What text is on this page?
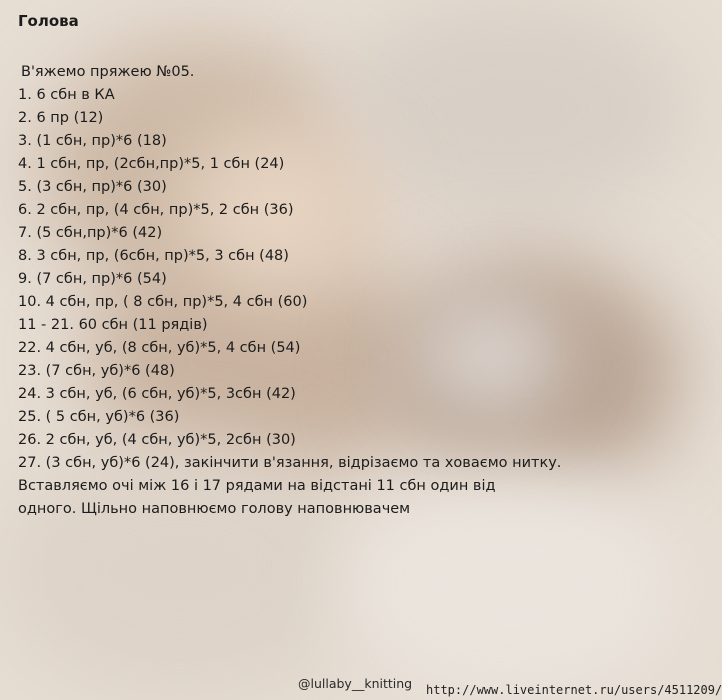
Голова
В'яжемо пряжею №05.
1. 6 сбн в КА
2. 6 пр (12)
3. (1 сбн, пр)*6 (18)
4. 1 сбн, пр, (2сбн,пр)*5, 1 сбн (24)
5. (3 сбн, пр)*6 (30)
6. 2 сбн, пр, (4 сбн, пр)*5, 2 сбн (36)
7. (5 сбн,пр)*6 (42)
8. 3 сбн, пр, (6сбн, пр)*5, 3 сбн (48)
9. (7 сбн, пр)*6 (54)
10. 4 сбн, пр, ( 8 сбн, пр)*5, 4 сбн (60)
11 - 21. 60 сбн (11 рядів)
22. 4 сбн, уб, (8 сбн, уб)*5, 4 сбн (54)
23. (7 сбн, уб)*6 (48)
24. 3 сбн, уб, (6 сбн, уб)*5, 3сбн (42)
25. ( 5 сбн, уб)*6 (36)
26. 2 сбн, уб, (4 сбн, уб)*5, 2сбн (30)
27. (3 сбн, уб)*6 (24), закінчити в'язання, відрізаємо та ховаємо нитку.
Вставляємо очі між 16 і 17 рядами на відстані 11 сбн один від
одного. Щільно наповнюємо голову наповнювачем
@lullaby__knitting http://www.liveinternet.ru/users/4511209/
